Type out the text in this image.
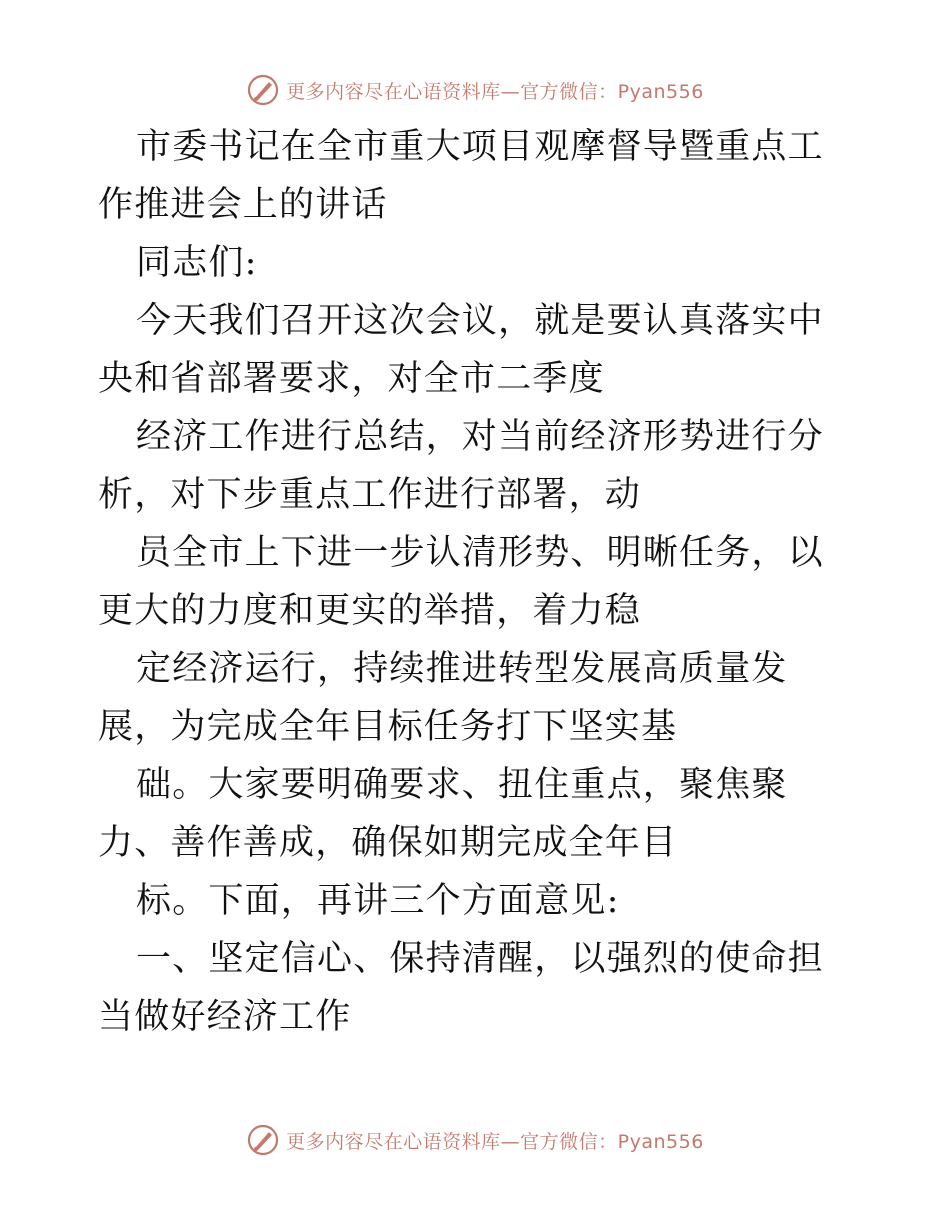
更多内容尽在心语资料库—官方微信：Pyan556

市委书记在全市重大项目观摩督导暨重点工作推进会上的讲话

同志们:

今天我们召开这次会议，就是要认真落实中央和省部署要求，对全市二季度

经济工作进行总结，对当前经济形势进行分析，对下步重点工作进行部署，动

员全市上下进一步认清形势、明晰任务，以更大的力度和更实的举措，着力稳

定经济运行，持续推进转型发展高质量发展，为完成全年目标任务打下坚实基

础。大家要明确要求、扭住重点，聚焦聚力、善作善成，确保如期完成全年目

标。下面，再讲三个方面意见:

一、坚定信心、保持清醒，以强烈的使命担当做好经济工作

更多内容尽在心语资料库—官方微信：Pyan556
